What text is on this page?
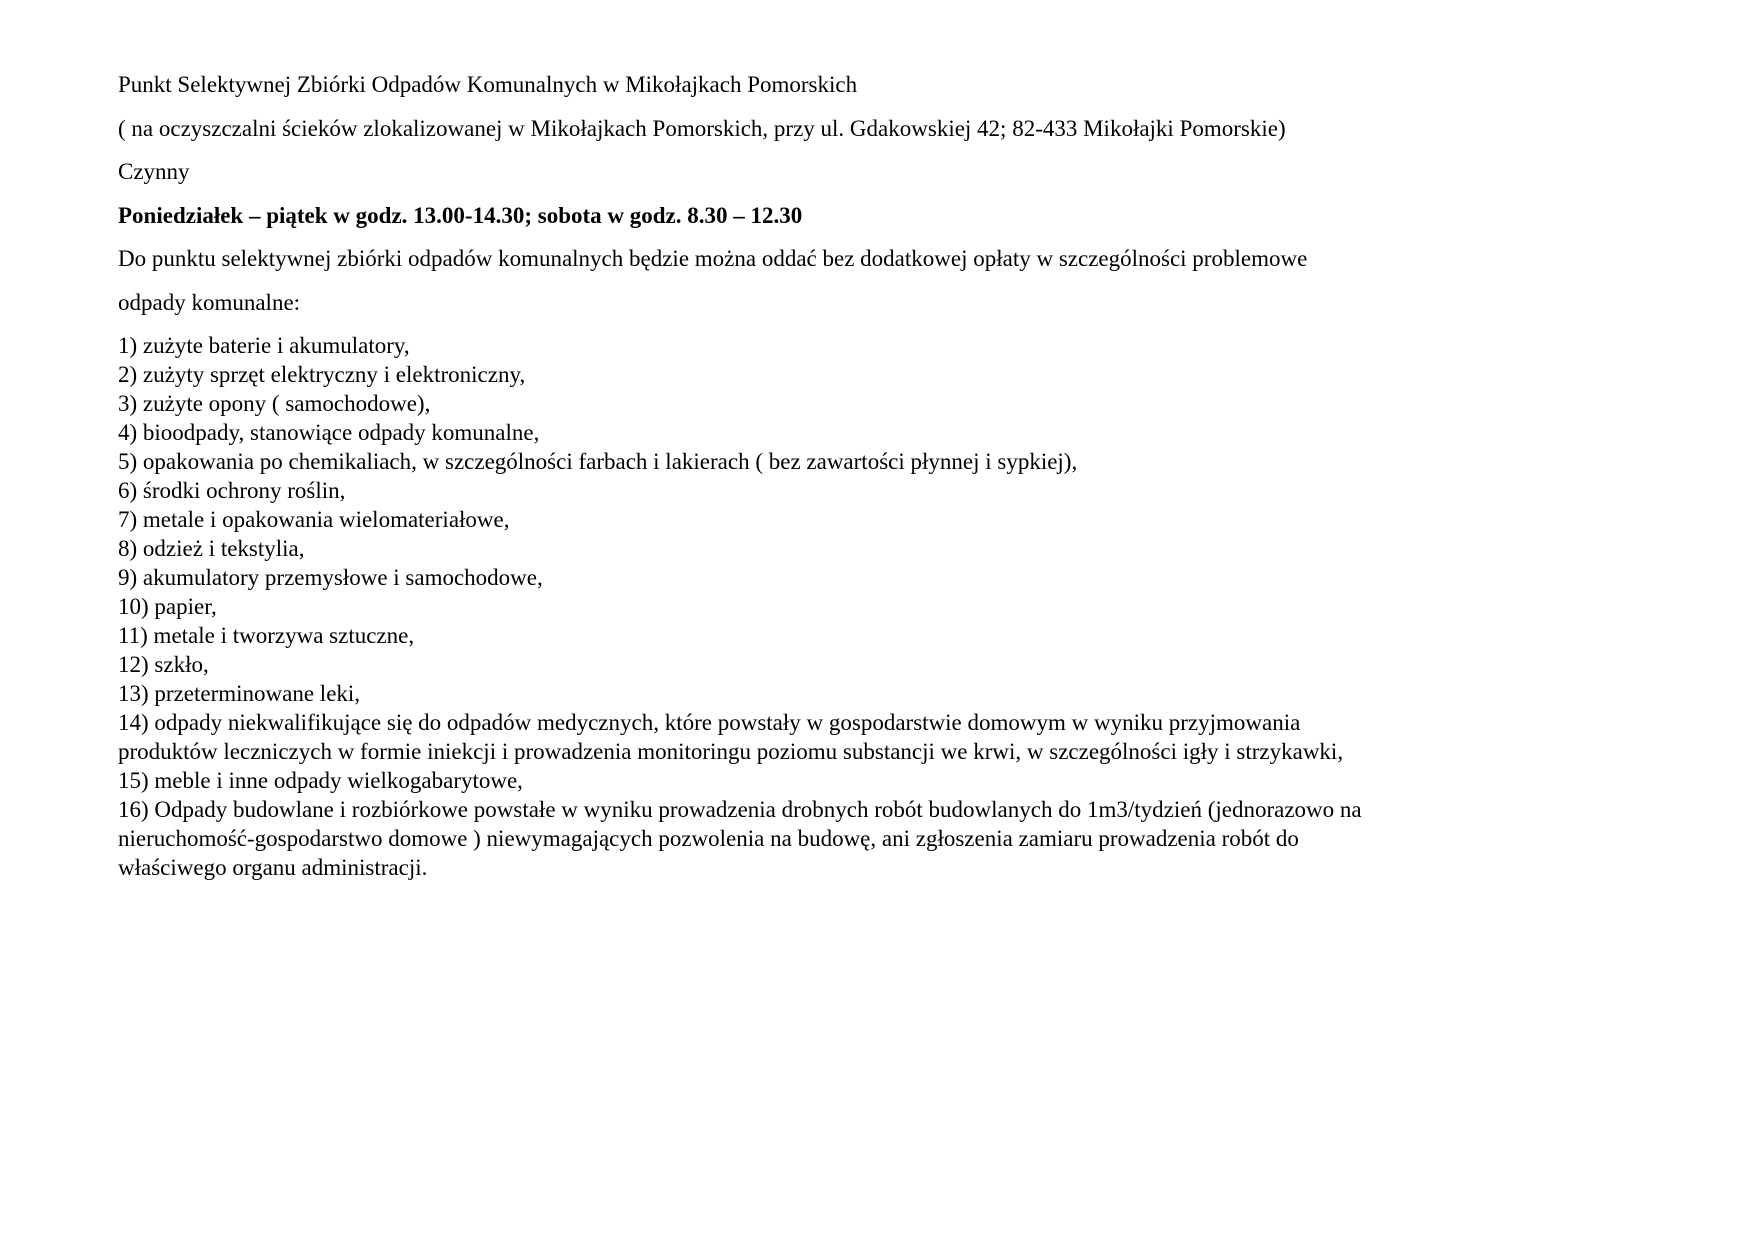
Punkt Selektywnej Zbiórki Odpadów Komunalnych w Mikołajkach Pomorskich

( na oczyszczalni ścieków zlokalizowanej w Mikołajkach Pomorskich, przy ul. Gdakowskiej 42; 82-433 Mikołajki Pomorskie)

Czynny

Poniedziałek – piątek w godz. 13.00-14.30; sobota w godz. 8.30 – 12.30

Do punktu selektywnej zbiórki odpadów komunalnych będzie można oddać bez dodatkowej opłaty w szczególności problemowe

odpady komunalne:

1) zużyte baterie i akumulatory,
2) zużyty sprzęt elektryczny i elektroniczny,
3) zużyte opony ( samochodowe),
4) bioodpady, stanowiące odpady komunalne,
5) opakowania po chemikaliach, w szczególności farbach i lakierach ( bez zawartości płynnej i sypkiej),
6) środki ochrony roślin,
7) metale i opakowania wielomateriałowe,
8) odzież i tekstylia,
9) akumulatory przemysłowe i samochodowe,
10) papier,
11) metale i tworzywa sztuczne,
12) szkło,
13) przeterminowane leki,
14) odpady niekwalifikujące się do odpadów medycznych, które powstały w gospodarstwie domowym w wyniku przyjmowania
produktów leczniczych w formie iniekcji i prowadzenia monitoringu poziomu substancji we krwi, w szczególności igły i strzykawki,
15) meble i inne odpady wielkogabarytowe,
16) Odpady budowlane i rozbiórkowe powstałe w wyniku prowadzenia drobnych robót budowlanych do 1m3/tydzień (jednorazowo na
nieruchomość-gospodarstwo domowe ) niewymagających pozwolenia na budowę, ani zgłoszenia zamiaru prowadzenia robót do
właściwego organu administracji.
